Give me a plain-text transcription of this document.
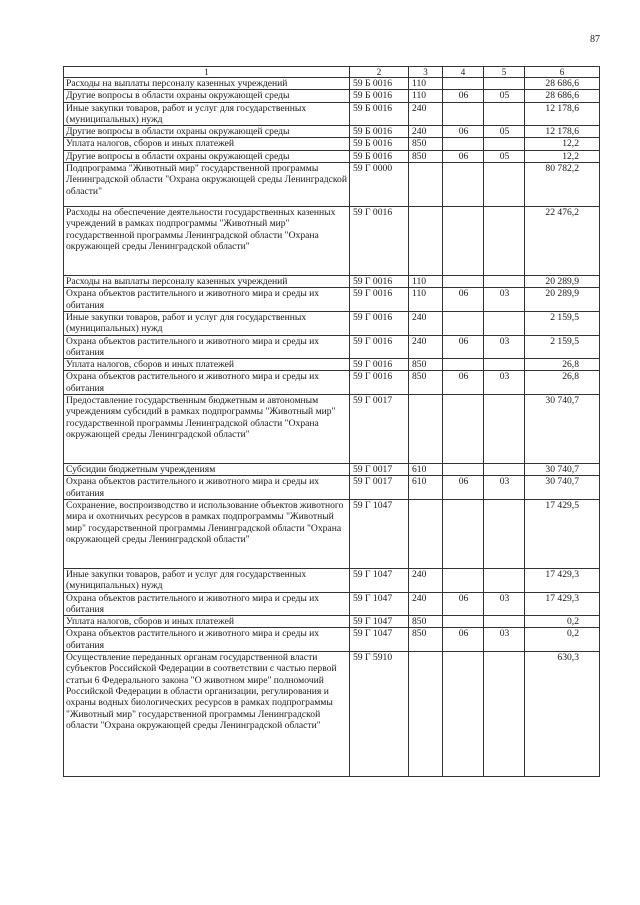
87
1	2	3	4	5	6
Расходы на выплаты персоналу казенных учреждений	59 Б 0016	110			28 686,6
Другие вопросы в области охраны окружающей среды	59 Б 0016	110	06	05	28 686,6
Иные закупки товаров, работ и услуг для государственных (муниципальных) нужд	59 Б 0016	240			12 178,6
Другие вопросы в области охраны окружающей среды	59 Б 0016	240	06	05	12 178,6
Уплата налогов, сборов и иных платежей	59 Б 0016	850			12,2
Другие вопросы в области охраны окружающей среды	59 Б 0016	850	06	05	12,2
Подпрограмма "Животный мир" государственной программы Ленинградской области "Охрана окружающей среды Ленинградской области"	59 Г 0000				80 782,2
Расходы на обеспечение деятельности государственных казенных учреждений в рамках подпрограммы "Животный мир" государственной программы Ленинградской области "Охрана окружающей среды Ленинградской области"	59 Г 0016				22 476,2
Расходы на выплаты персоналу казенных учреждений	59 Г 0016	110			20 289,9
Охрана объектов растительного и животного мира и среды их обитания	59 Г 0016	110	06	03	20 289,9
Иные закупки товаров, работ и услуг для государственных (муниципальных) нужд	59 Г 0016	240			2 159,5
Охрана объектов растительного и животного мира и среды их обитания	59 Г 0016	240	06	03	2 159,5
Уплата налогов, сборов и иных платежей	59 Г 0016	850			26,8
Охрана объектов растительного и животного мира и среды их обитания	59 Г 0016	850	06	03	26,8
Предоставление государственным бюджетным и автономным учреждениям субсидий в рамках подпрограммы "Животный мир" государственной программы Ленинградской области "Охрана окружающей среды Ленинградской области"	59 Г 0017				30 740,7
Субсидии бюджетным учреждениям	59 Г 0017	610			30 740,7
Охрана объектов растительного и животного мира и среды их обитания	59 Г 0017	610	06	03	30 740,7
Сохранение, воспроизводство и использование объектов животного мира и охотничьих ресурсов в рамках подпрограммы "Животный мир" государственной программы Ленинградской области "Охрана окружающей среды Ленинградской области"	59 Г 1047				17 429,5
Иные закупки товаров, работ и услуг для государственных (муниципальных) нужд	59 Г 1047	240			17 429,3
Охрана объектов растительного и животного мира и среды их обитания	59 Г 1047	240	06	03	17 429,3
Уплата налогов, сборов и иных платежей	59 Г 1047	850			0,2
Охрана объектов растительного и животного мира и среды их обитания	59 Г 1047	850	06	03	0,2
Осуществление переданных органам государственной власти субъектов Российской Федерации в соответствии с частью первой статьи 6 Федерального закона "О животном мире" полномочий Российской Федерации в области организации, регулирования и охраны водных биологических ресурсов в рамках подпрограммы "Животный мир" государственной программы Ленинградской области "Охрана окружающей среды Ленинградской области"	59 Г 5910				630,3
